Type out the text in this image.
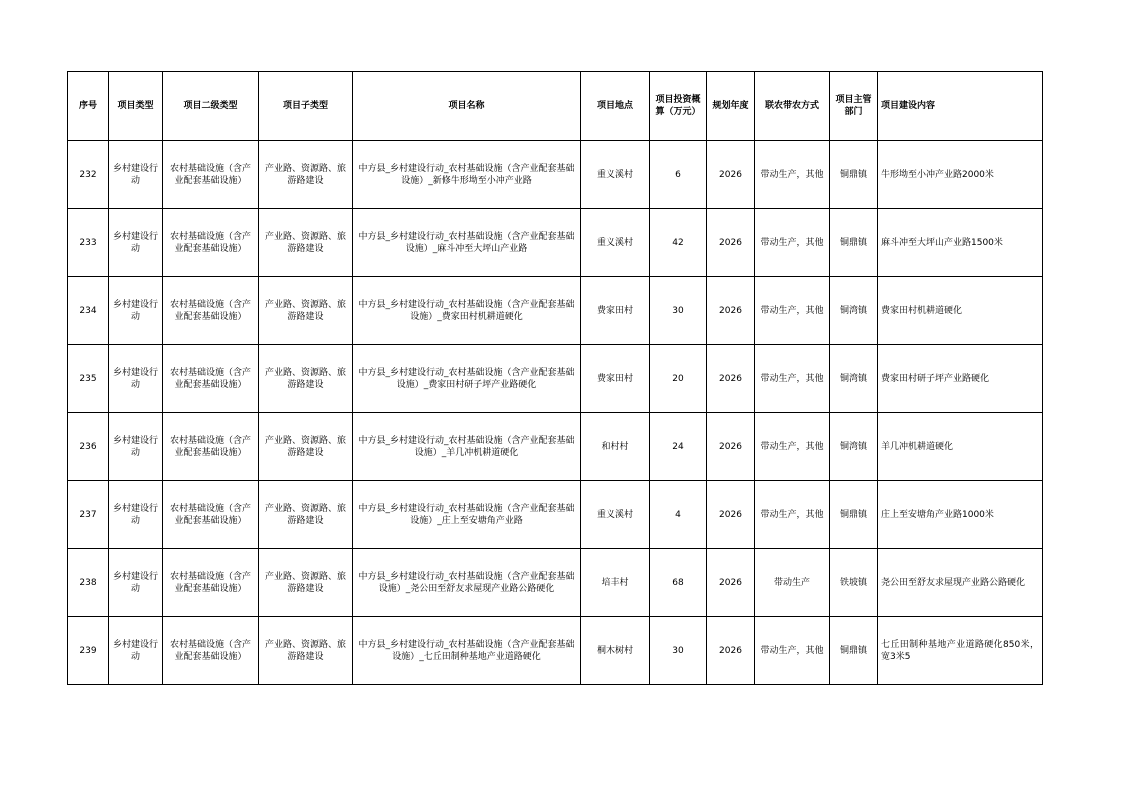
序号	项目类型	项目二级类型	项目子类型	项目名称	项目地点	项目投资概算（万元）	规划年度	联农带农方式	项目主管部门	项目建设内容
232	乡村建设行动	农村基础设施（含产业配套基础设施）	产业路、资源路、旅游路建设	中方县_乡村建设行动_农村基础设施（含产业配套基础设施）_新修牛形坳至小冲产业路	重义溪村	6	2026	带动生产，其他	铜鼎镇	牛形坳至小冲产业路2000米
233	乡村建设行动	农村基础设施（含产业配套基础设施）	产业路、资源路、旅游路建设	中方县_乡村建设行动_农村基础设施（含产业配套基础设施）_麻斗冲至大坪山产业路	重义溪村	42	2026	带动生产，其他	铜鼎镇	麻斗冲至大坪山产业路1500米
234	乡村建设行动	农村基础设施（含产业配套基础设施）	产业路、资源路、旅游路建设	中方县_乡村建设行动_农村基础设施（含产业配套基础设施）_费家田村机耕道硬化	费家田村	30	2026	带动生产，其他	铜湾镇	费家田村机耕道硬化
235	乡村建设行动	农村基础设施（含产业配套基础设施）	产业路、资源路、旅游路建设	中方县_乡村建设行动_农村基础设施（含产业配套基础设施）_费家田村研子坪产业路硬化	费家田村	20	2026	带动生产，其他	铜湾镇	费家田村研子坪产业路硬化
236	乡村建设行动	农村基础设施（含产业配套基础设施）	产业路、资源路、旅游路建设	中方县_乡村建设行动_农村基础设施（含产业配套基础设施）_羊几冲机耕道硬化	和村村	24	2026	带动生产，其他	铜湾镇	羊几冲机耕道硬化
237	乡村建设行动	农村基础设施（含产业配套基础设施）	产业路、资源路、旅游路建设	中方县_乡村建设行动_农村基础设施（含产业配套基础设施）_庄上至安塘角产业路	重义溪村	4	2026	带动生产，其他	铜鼎镇	庄上至安塘角产业路1000米
238	乡村建设行动	农村基础设施（含产业配套基础设施）	产业路、资源路、旅游路建设	中方县_乡村建设行动_农村基础设施（含产业配套基础设施）_尧公田至舒友求屋现产业路公路硬化	培丰村	68	2026	带动生产	铁坡镇	尧公田至舒友求屋现产业路公路硬化
239	乡村建设行动	农村基础设施（含产业配套基础设施）	产业路、资源路、旅游路建设	中方县_乡村建设行动_农村基础设施（含产业配套基础设施）_七丘田制种基地产业道路硬化	桐木树村	30	2026	带动生产，其他	铜鼎镇	七丘田制种基地产业道路硬化850米，宽3米5
